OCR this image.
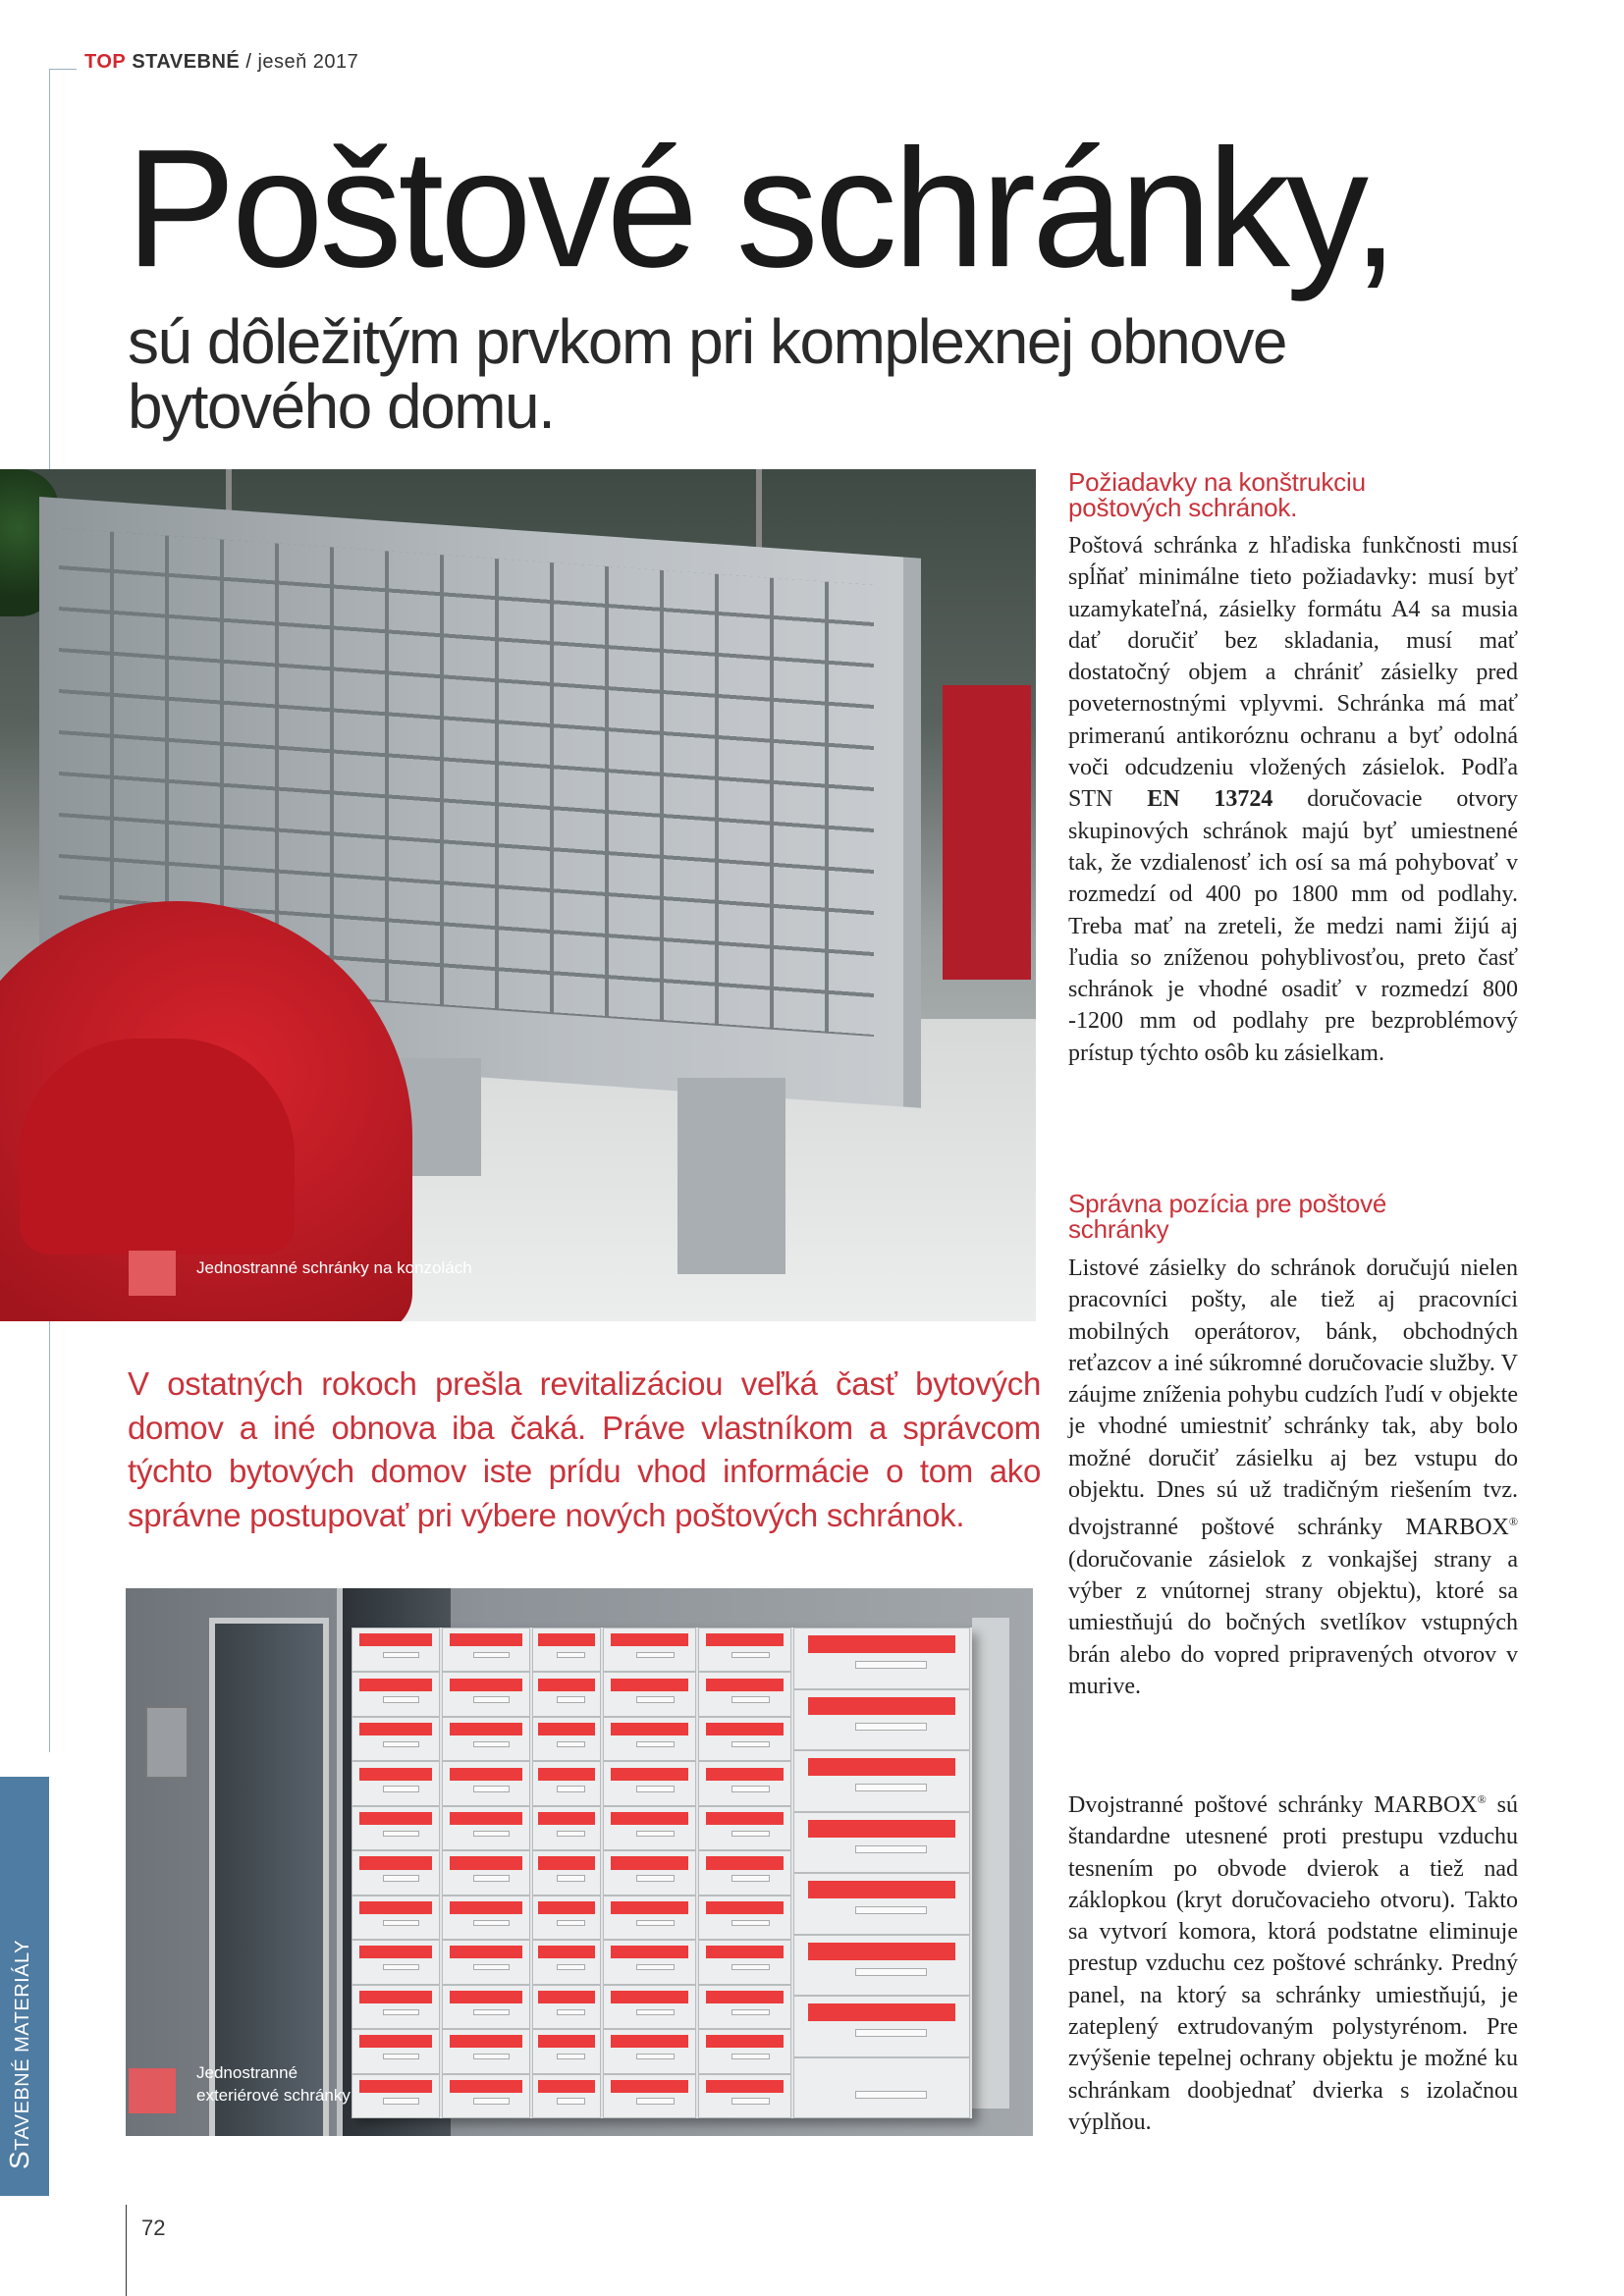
TOP STAVEBNÉ / jeseň 2017
Poštové schránky,
sú dôležitým prvkom pri komplexnej obnove bytového domu.
Jednostranné schránky na konzolách
V ostatných rokoch prešla revitalizáciou veľká časť bytových domov a iné obnova iba čaká. Práve vlastníkom a správcom týchto bytových domov iste prídu vhod informácie o tom ako správne postupovať pri výbere nových poštových schránok.
Jednostranné
exteriérové schránky
Požiadavky na konštrukciu
poštových schránok.

Poštová schránka z hľadiska funkčnosti musí spĺňať minimálne tieto požiadavky: musí byť uzamykateľná, zásielky formátu A4 sa musia dať doručiť bez skladania, musí mať dostatočný objem a chrániť zásielky pred poveternostnými vplyvmi. Schránka má mať primeranú antikoróznu ochranu a byť odolná voči odcudzeniu vložených zásielok. Podľa STN EN 13724 doručovacie otvory skupinových schránok majú byť umiestnené tak, že vzdialenosť ich osí sa má pohybovať v rozmedzí od 400 po 1800 mm od podlahy. Treba mať na zreteli, že medzi nami žijú aj ľudia so zníženou pohyblivosťou, preto časť schránok je vhodné osadiť v rozmedzí 800 -1200 mm od podlahy pre bezproblémový prístup týchto osôb ku zásielkam.

Správna pozícia pre poštové
schránky

Listové zásielky do schránok doručujú nielen pracovníci pošty, ale tiež aj pracovníci mobilných operátorov, bánk, obchodných reťazcov a iné súkromné doručovacie služby. V záujme zníženia pohybu cudzích ľudí v objekte je vhodné umiestniť schránky tak, aby bolo možné doručiť zásielku aj bez vstupu do objektu. Dnes sú už tradičným riešením tvz. dvojstranné poštové schránky MARBOX® (doručovanie zásielok z vonkajšej strany a výber z vnútornej strany objektu), ktoré sa umiestňujú do bočných svetlíkov vstupných brán alebo do vopred pripravených otvorov v murive.

Dvojstranné poštové schránky MARBOX® sú štandardne utesnené proti prestupu vzduchu tesnením po obvode dvierok a tiež nad záklopkou (kryt doručovacieho otvoru). Takto sa vytvorí komora, ktorá podstatne eliminuje prestup vzduchu cez poštové schránky. Predný panel, na ktorý sa schránky umiestňujú, je zateplený extrudovaným polystyrénom. Pre zvýšenie tepelnej ochrany objektu je možné ku schránkam doobjednať dvierka s izolačnou výplňou.

STAVEBNÉ MATERIÁLY
72
